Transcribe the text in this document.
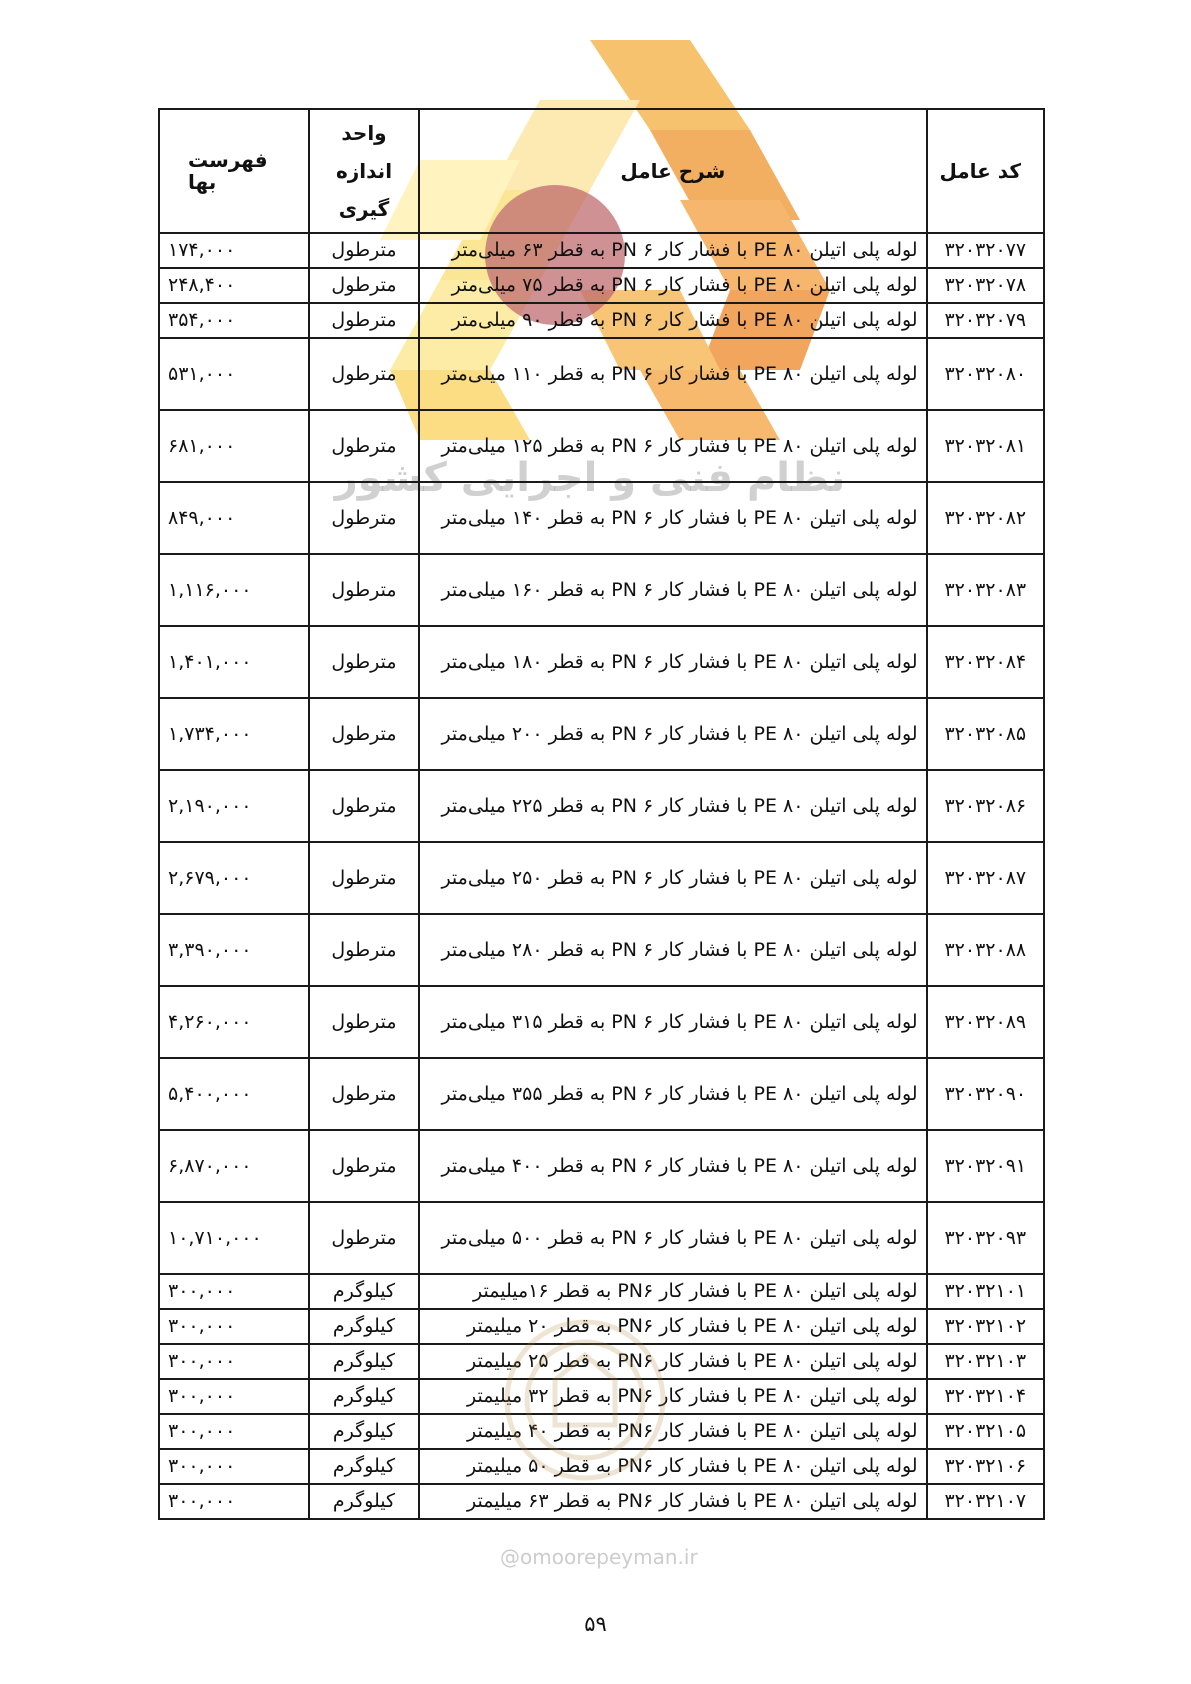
نظام فنی و اجرایی کشور
کد عامل	شرح عامل	واحد اندازه گیری	فهرست بها
۳۲۰۳۲۰۷۷	لوله پلی اتیلن ۸۰ PE با فشار کار ۶ PN به قطر ۶۳ میلی‌متر	مترطول	۱۷۴,۰۰۰
۳۲۰۳۲۰۷۸	لوله پلی اتیلن ۸۰ PE با فشار کار ۶ PN به قطر ۷۵ میلی‌متر	مترطول	۲۴۸,۴۰۰
۳۲۰۳۲۰۷۹	لوله پلی اتیلن ۸۰ PE با فشار کار ۶ PN به قطر ۹۰ میلی‌متر	مترطول	۳۵۴,۰۰۰
۳۲۰۳۲۰۸۰	لوله پلی اتیلن ۸۰ PE با فشار کار ۶ PN به قطر ۱۱۰ میلی‌متر	مترطول	۵۳۱,۰۰۰
۳۲۰۳۲۰۸۱	لوله پلی اتیلن ۸۰ PE با فشار کار ۶ PN به قطر ۱۲۵ میلی‌متر	مترطول	۶۸۱,۰۰۰
۳۲۰۳۲۰۸۲	لوله پلی اتیلن ۸۰ PE با فشار کار ۶ PN به قطر ۱۴۰ میلی‌متر	مترطول	۸۴۹,۰۰۰
۳۲۰۳۲۰۸۳	لوله پلی اتیلن ۸۰ PE با فشار کار ۶ PN به قطر ۱۶۰ میلی‌متر	مترطول	۱,۱۱۶,۰۰۰
۳۲۰۳۲۰۸۴	لوله پلی اتیلن ۸۰ PE با فشار کار ۶ PN به قطر ۱۸۰ میلی‌متر	مترطول	۱,۴۰۱,۰۰۰
۳۲۰۳۲۰۸۵	لوله پلی اتیلن ۸۰ PE با فشار کار ۶ PN به قطر ۲۰۰ میلی‌متر	مترطول	۱,۷۳۴,۰۰۰
۳۲۰۳۲۰۸۶	لوله پلی اتیلن ۸۰ PE با فشار کار ۶ PN به قطر ۲۲۵ میلی‌متر	مترطول	۲,۱۹۰,۰۰۰
۳۲۰۳۲۰۸۷	لوله پلی اتیلن ۸۰ PE با فشار کار ۶ PN به قطر ۲۵۰ میلی‌متر	مترطول	۲,۶۷۹,۰۰۰
۳۲۰۳۲۰۸۸	لوله پلی اتیلن ۸۰ PE با فشار کار ۶ PN به قطر ۲۸۰ میلی‌متر	مترطول	۳,۳۹۰,۰۰۰
۳۲۰۳۲۰۸۹	لوله پلی اتیلن ۸۰ PE با فشار کار ۶ PN به قطر ۳۱۵ میلی‌متر	مترطول	۴,۲۶۰,۰۰۰
۳۲۰۳۲۰۹۰	لوله پلی اتیلن ۸۰ PE با فشار کار ۶ PN به قطر ۳۵۵ میلی‌متر	مترطول	۵,۴۰۰,۰۰۰
۳۲۰۳۲۰۹۱	لوله پلی اتیلن ۸۰ PE با فشار کار ۶ PN به قطر ۴۰۰ میلی‌متر	مترطول	۶,۸۷۰,۰۰۰
۳۲۰۳۲۰۹۳	لوله پلی اتیلن ۸۰ PE با فشار کار ۶ PN به قطر ۵۰۰ میلی‌متر	مترطول	۱۰,۷۱۰,۰۰۰
۳۲۰۳۲۱۰۱	لوله پلی اتیلن ۸۰ PE با فشار کار PN۶ به قطر ۱۶میلیمتر	کیلوگرم	۳۰۰,۰۰۰
۳۲۰۳۲۱۰۲	لوله پلی اتیلن ۸۰ PE با فشار کار PN۶ به قطر ۲۰ میلیمتر	کیلوگرم	۳۰۰,۰۰۰
۳۲۰۳۲۱۰۳	لوله پلی اتیلن ۸۰ PE با فشار کار PN۶ به قطر ۲۵ میلیمتر	کیلوگرم	۳۰۰,۰۰۰
۳۲۰۳۲۱۰۴	لوله پلی اتیلن ۸۰ PE با فشار کار PN۶ به قطر ۳۲ میلیمتر	کیلوگرم	۳۰۰,۰۰۰
۳۲۰۳۲۱۰۵	لوله پلی اتیلن ۸۰ PE با فشار کار PN۶ به قطر ۴۰ میلیمتر	کیلوگرم	۳۰۰,۰۰۰
۳۲۰۳۲۱۰۶	لوله پلی اتیلن ۸۰ PE با فشار کار PN۶ به قطر ۵۰ میلیمتر	کیلوگرم	۳۰۰,۰۰۰
۳۲۰۳۲۱۰۷	لوله پلی اتیلن ۸۰ PE با فشار کار PN۶ به قطر ۶۳ میلیمتر	کیلوگرم	۳۰۰,۰۰۰
@omoorepeyman.ir
۵۹
